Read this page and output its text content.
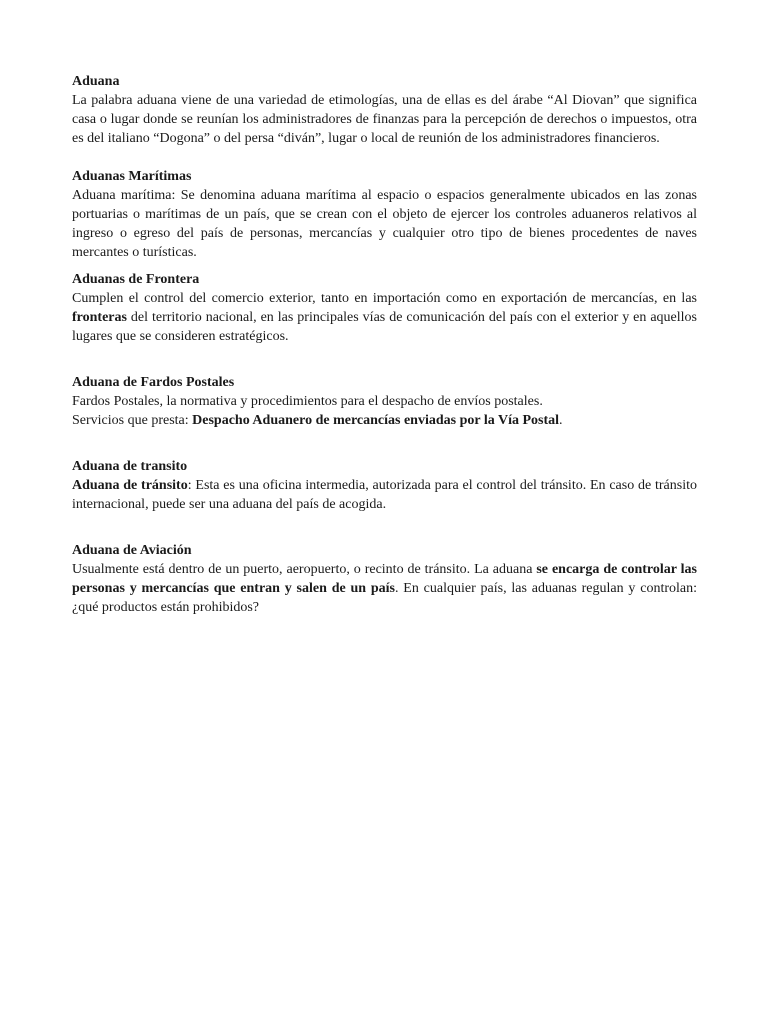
Aduana

La palabra aduana viene de una variedad de etimologías, una de ellas es del árabe “Al Diovan” que significa casa o lugar donde se reunían los administradores de finanzas para la percepción de derechos o impuestos, otra es del italiano “Dogona” o del persa “diván”, lugar o local de reunión de los administradores financieros.

Aduanas Marítimas

Aduana marítima: Se denomina aduana marítima al espacio o espacios generalmente ubicados en las zonas portuarias o marítimas de un país, que se crean con el objeto de ejercer los controles aduaneros relativos al ingreso o egreso del país de personas, mercancías y cualquier otro tipo de bienes procedentes de naves mercantes o turísticas.

Aduanas de Frontera

Cumplen el control del comercio exterior, tanto en importación como en exportación de mercancías, en las fronteras del territorio nacional, en las principales vías de comunicación del país con el exterior y en aquellos lugares que se consideren estratégicos.

Aduana de Fardos Postales

Fardos Postales, la normativa y procedimientos para el despacho de envíos postales.

Servicios que presta: Despacho Aduanero de mercancías enviadas por la Vía Postal.

Aduana de transito

Aduana de tránsito: Esta es una oficina intermedia, autorizada para el control del tránsito. En caso de tránsito internacional, puede ser una aduana del país de acogida.

Aduana de Aviación

Usualmente está dentro de un puerto, aeropuerto, o recinto de tránsito. La aduana se encarga de controlar las personas y mercancías que entran y salen de un país. En cualquier país, las aduanas regulan y controlan: ¿qué productos están prohibidos?
